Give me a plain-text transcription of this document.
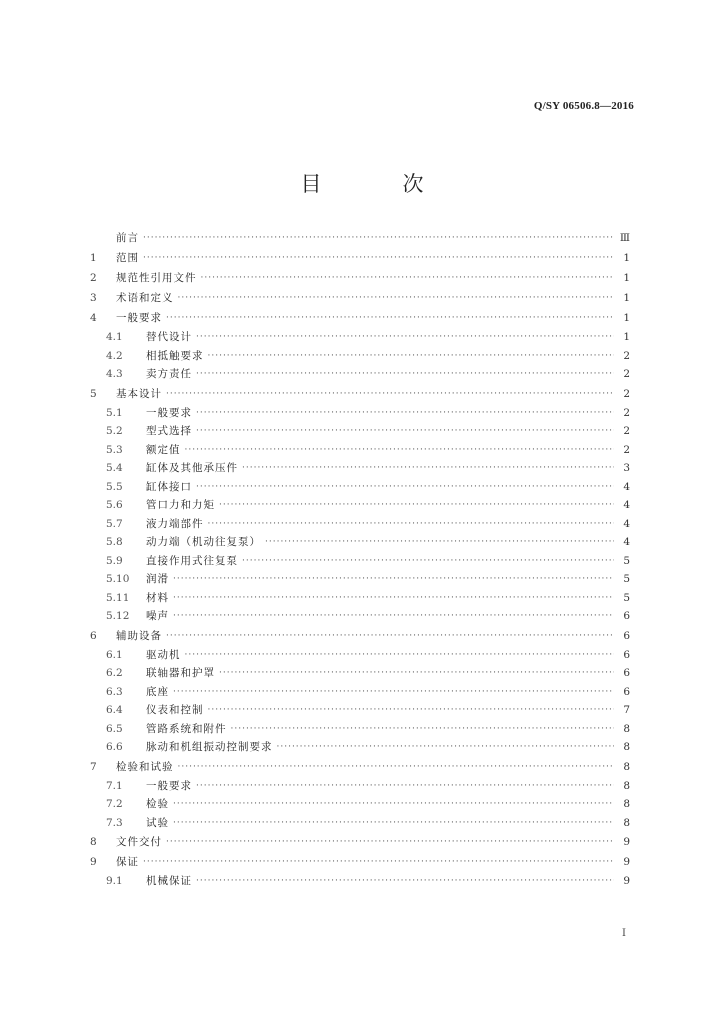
Q/SY 06506.8—2016
目　次
前言 ·····	Ⅲ
1	范围 ·····	1
2	规范性引用文件 ·····	1
3	术语和定义 ·····	1
4	一般要求 ·····	1
4.1	替代设计 ·····	1
4.2	相抵触要求 ·····	2
4.3	卖方责任 ·····	2
5	基本设计 ·····	2
5.1	一般要求 ·····	2
5.2	型式选择 ·····	2
5.3	额定值 ·····	2
5.4	缸体及其他承压件 ·····	3
5.5	缸体接口 ·····	4
5.6	管口力和力矩 ·····	4
5.7	液力端部件 ·····	4
5.8	动力端（机动往复泵） ·····	4
5.9	直接作用式往复泵 ·····	5
5.10	润滑 ·····	5
5.11	材料 ·····	5
5.12	噪声 ·····	6
6	辅助设备 ·····	6
6.1	驱动机 ·····	6
6.2	联轴器和护罩 ·····	6
6.3	底座 ·····	6
6.4	仪表和控制 ·····	7
6.5	管路系统和附件 ·····	8
6.6	脉动和机组振动控制要求 ·····	8
7	检验和试验 ·····	8
7.1	一般要求 ·····	8
7.2	检验 ·····	8
7.3	试验 ·····	8
8	文件交付 ·····	9
9	保证 ·····	9
9.1	机械保证 ·····	9
I
